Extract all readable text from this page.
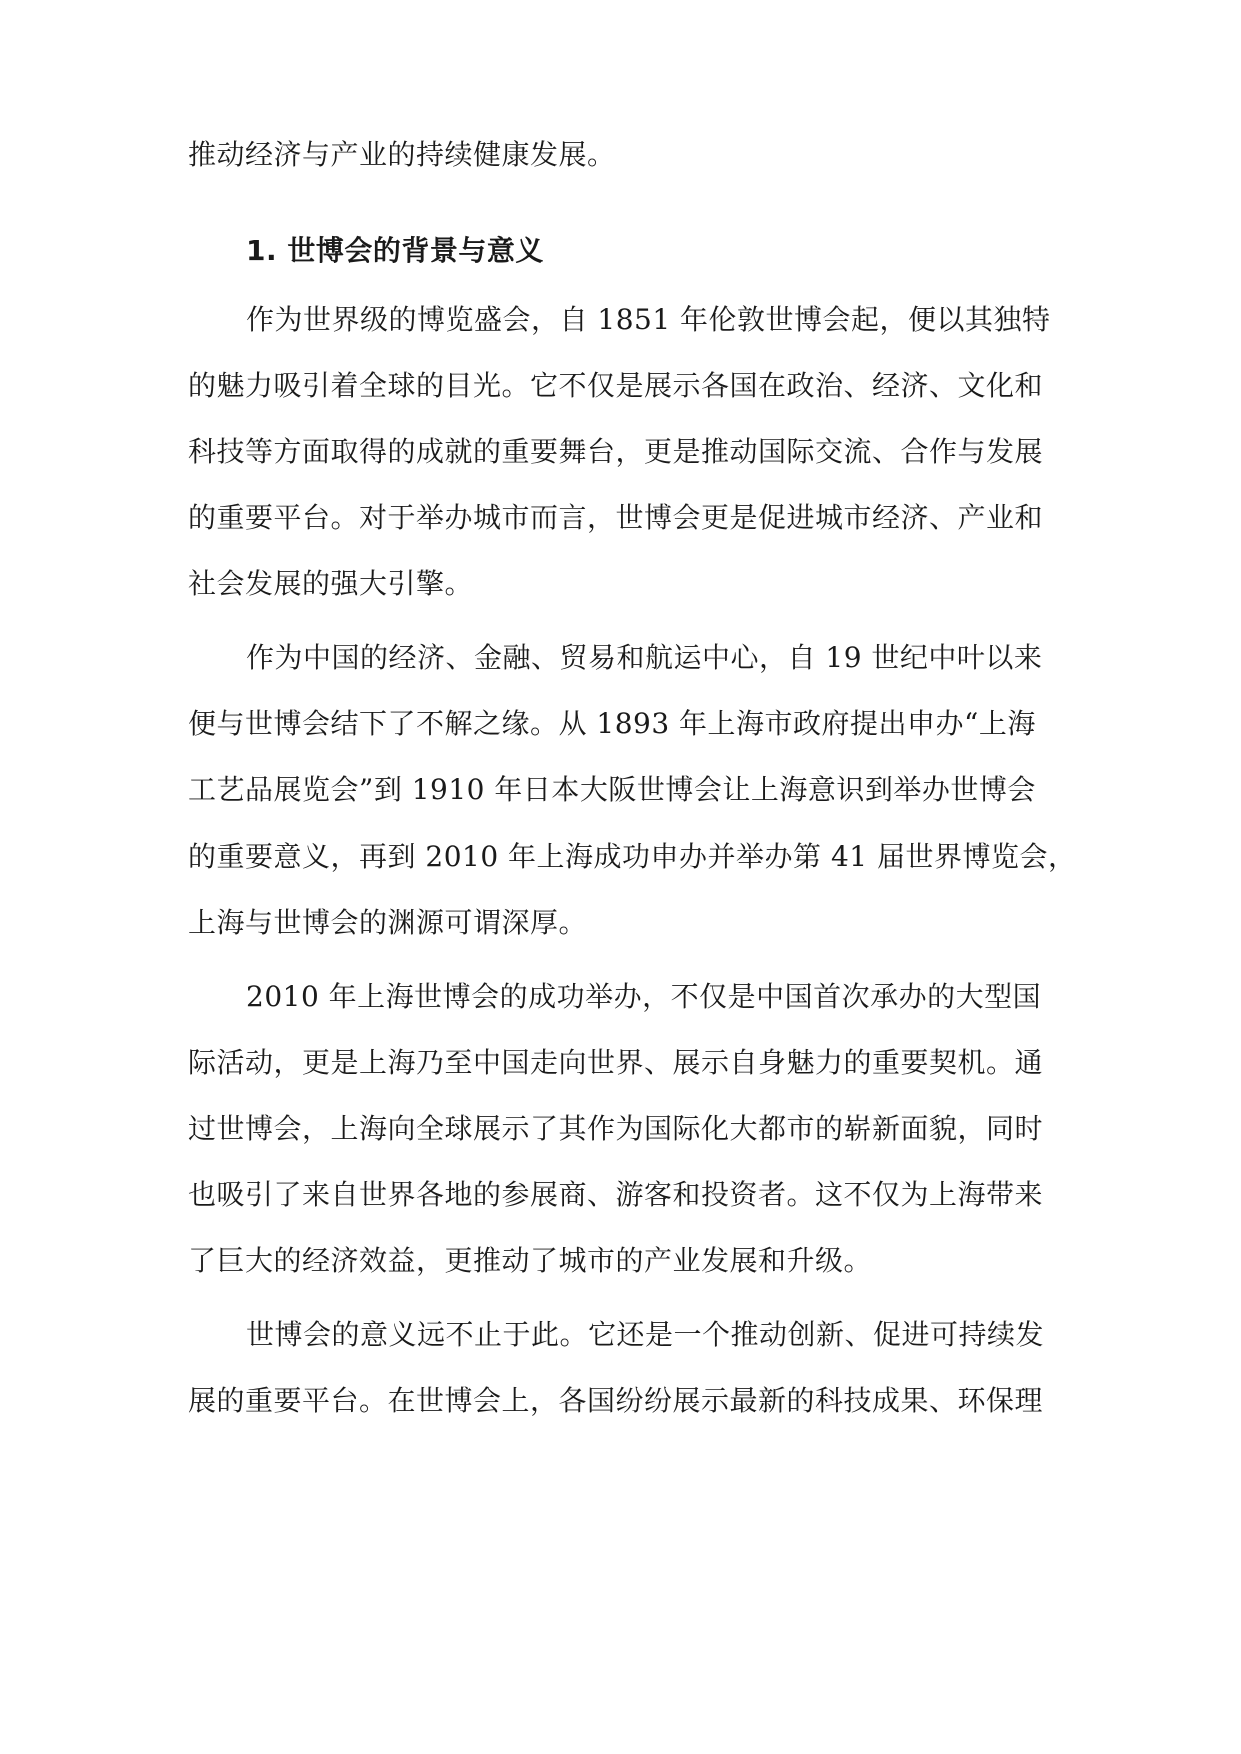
推动经济与产业的持续健康发展。
1. 世博会的背景与意义
作为世界级的博览盛会，自 1851 年伦敦世博会起，便以其独特
的魅力吸引着全球的目光。它不仅是展示各国在政治、经济、文化和
科技等方面取得的成就的重要舞台，更是推动国际交流、合作与发展
的重要平台。对于举办城市而言，世博会更是促进城市经济、产业和
社会发展的强大引擎。
作为中国的经济、金融、贸易和航运中心，自 19 世纪中叶以来
便与世博会结下了不解之缘。从 1893 年上海市政府提出申办“上海
工艺品展览会”到 1910 年日本大阪世博会让上海意识到举办世博会
的重要意义，再到 2010 年上海成功申办并举办第 41 届世界博览会，
上海与世博会的渊源可谓深厚。
2010 年上海世博会的成功举办，不仅是中国首次承办的大型国
际活动，更是上海乃至中国走向世界、展示自身魅力的重要契机。通
过世博会，上海向全球展示了其作为国际化大都市的崭新面貌，同时
也吸引了来自世界各地的参展商、游客和投资者。这不仅为上海带来
了巨大的经济效益，更推动了城市的产业发展和升级。
世博会的意义远不止于此。它还是一个推动创新、促进可持续发
展的重要平台。在世博会上，各国纷纷展示最新的科技成果、环保理
